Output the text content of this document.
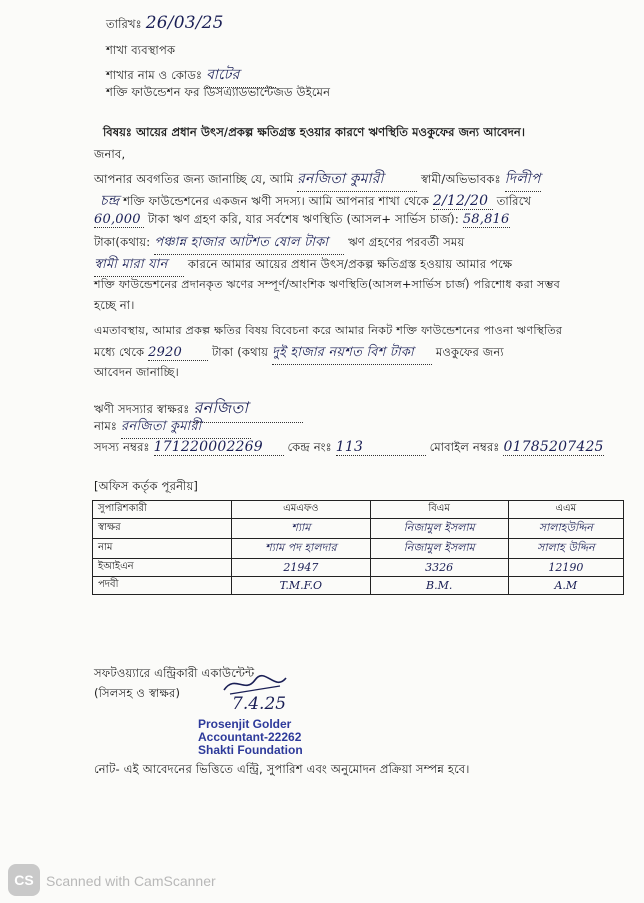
তারিখঃ 26/03/25
শাখা ব্যবস্থাপক
শাখার নাম ও কোডঃ বাটের
শক্তি ফাউন্ডেশন ফর ডিসএ্যাডভান্টেজড উইমেন
বিষয়ঃ আয়ের প্রধান উৎস/প্রকল্প ক্ষতিগ্রস্ত হওয়ার কারণে ঋণস্থিতি মওকুফের জন্য আবেদন।
জনাব,
আপনার অবগতির জন্য জানাচ্ছি যে, আমি রনজিতা কুমারী	স্বামী/অভিভাবকঃ দিলীপ
চন্দ্র শক্তি ফাউন্ডেশনের একজন ঋণী সদস্য। আমি আপনার শাখা থেকে 2/12/20 তারিখে
60,000 টাকা ঋণ গ্রহণ করি, যার সর্বশেষ ঋণস্থিতি (আসল+ সার্ভিস চার্জ): 58,816
টাকা(কথায়: পঞ্চান্ন হাজার আটশত ষোল টাকা ঋণ গ্রহণের পরবর্তী সময়
স্বামী মারা যান কারনে আমার আয়ের প্রধান উৎস/প্রকল্প ক্ষতিগ্রস্ত হওয়ায় আমার পক্ষে
শক্তি ফাউন্ডেশনের প্রদানকৃত ঋণের সম্পূর্ণ/আংশিক ঋণস্থিতি(আসল+সার্ভিস চার্জ) পরিশোধ করা সম্ভব
হচ্ছে না।
এমতাবস্থায়, আমার প্রকল্প ক্ষতির বিষয় বিবেচনা করে আমার নিকট শক্তি ফাউন্ডেশনের পাওনা ঋণস্থিতির
মধ্যে থেকে 2920	টাকা (কথায় দুই হাজার নয়শত বিশ টাকা মওকুফের জন্য
আবেদন জানাচ্ছি।
ঋণী সদস্যার স্বাক্ষরঃ রনজিতা
নামঃ রনজিতা কুমারী
সদস্য নম্বরঃ 171220002269 কেন্দ্র নংঃ 113	মোবাইল নম্বরঃ 01785207425
[অফিস কর্তৃক পূরনীয়]
সুপারিশকারী	এমএফও	বিএম	এএম
স্বাক্ষর	শ্যাম	নিজামুল ইসলাম	সালাহউদ্দিন
নাম	শ্যাম পদ হালদার	নিজামুল ইসলাম	সালাহ উদ্দিন
ইআইএন	21947	3326	12190
পদবী	T.M.F.O	B.M.	A.M
সফটওয়্যারে এন্ট্রিকারী একাউন্টেন্ট
(সিলসহ ও স্বাক্ষর)
7.4.25
Prosenjit Golder
Accountant-22262
Shakti Foundation
নোট- এই আবেদনের ভিত্তিতে এন্ট্রি, সুপারিশ এবং অনুমোদন প্রক্রিয়া সম্পন্ন হবে।
CS Scanned with CamScanner
